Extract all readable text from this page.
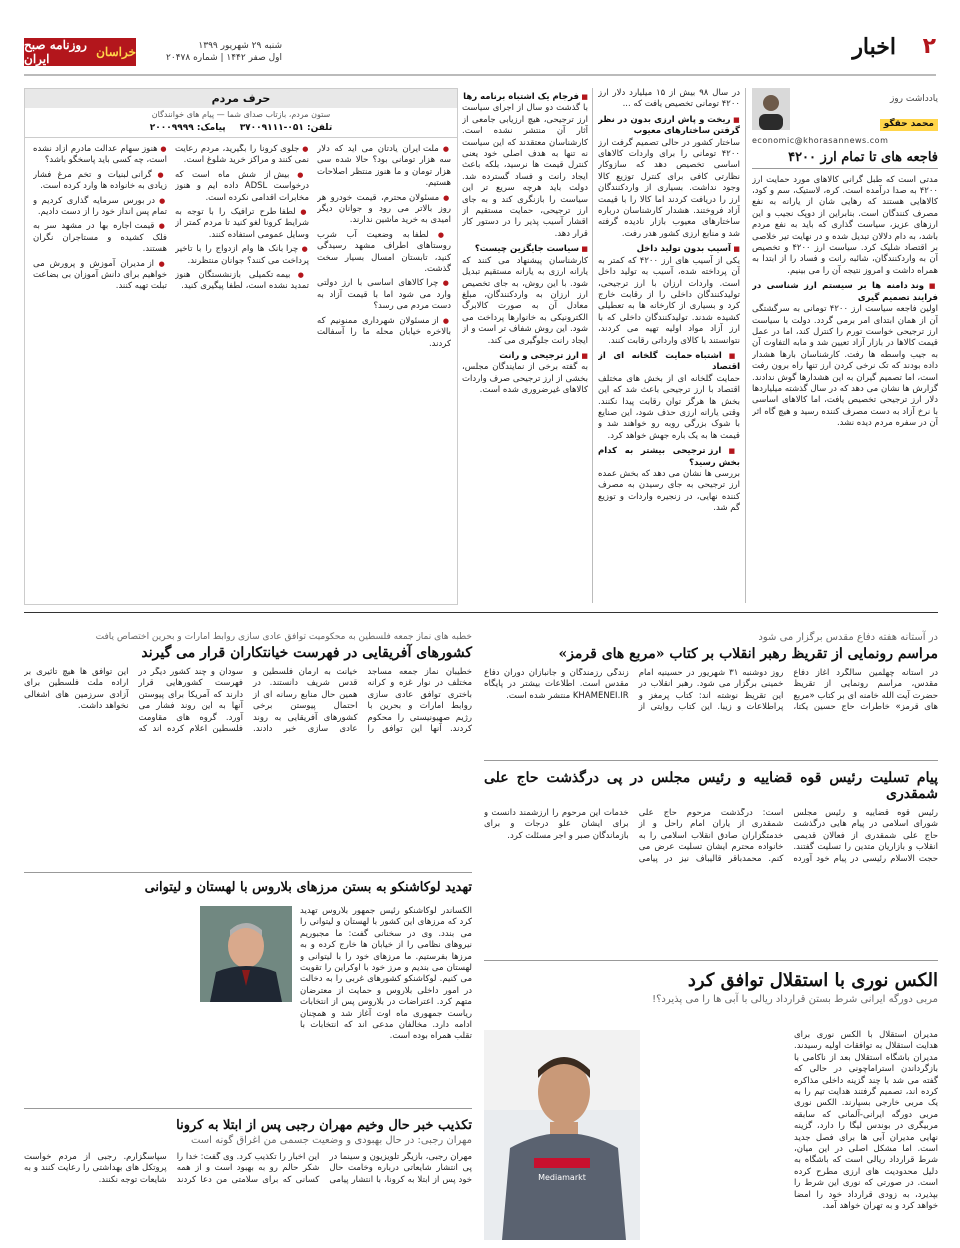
روزنامه صبح ایران	خراسان	شنبه ۲۹ شهریور ۱۳۹۹
اول صفر ۱۴۴۲ | شماره ۲۰۴۷۸	اخبار ۲
یادداشت روز
محمد حقگو
economic@khorasannews.com
فاجعه های تا تمام ارز ۴۲۰۰

مدتی است که طبل گرانی کالاهای مورد حمایت ارز ۴۲۰۰ به صدا درآمده است. کره، لاستیک، سم و کود، کالاهایی هستند که رهایی شان از یارانه به نفع مصرف کنندگان است. بنابراین از دوپک نجیب و این ارزهای عزیز، سیاست گذاری که باید به نفع مردم باشد، به دام دلالان تبدیل شده و در نهایت تیر خلاصی بر اقتصاد شلیک کرد. سیاست ارز ۴۲۰۰ و تخصیص آن به واردکنندگان، شائبه رانت و فساد را از ابتدا به همراه داشت و امروز نتیجه آن را می بینیم.

■ وند دامنه ها بر سیستم ارز شناسی در فرایند تصمیم گیری

اولین فاجعه سیاست ارز ۴۲۰۰ تومانی به سرگشتگی آن از همان ابتدای امر برمی گردد. دولت با سیاست ارز ترجیحی خواست تورم را کنترل کند، اما در عمل قیمت کالاها در بازار آزاد تعیین شد و مابه التفاوت آن به جیب واسطه ها رفت. کارشناسان بارها هشدار داده بودند که تک نرخی کردن ارز تنها راه برون رفت است، اما تصمیم گیران به این هشدارها گوش ندادند. گزارش ها نشان می دهد که در سال گذشته میلیاردها دلار ارز ترجیحی تخصیص یافت، اما کالاهای اساسی با نرخ آزاد به دست مصرف کننده رسید و هیچ گاه اثر آن در سفره مردم دیده نشد.

در سال ۹۸ بیش از ۱۵ میلیارد دلار ارز ۴۲۰۰ تومانی تخصیص یافت که ...

■ ریخت و پاش ارزی بدون در نظر گرفتن ساختارهای معیوب

ساختار کشور در حالی تصمیم گرفت ارز ۴۲۰۰ تومانی را برای واردات کالاهای اساسی تخصیص دهد که سازوکار نظارتی کافی برای کنترل توزیع کالا وجود نداشت. بسیاری از واردکنندگان ارز را دریافت کردند اما کالا را با قیمت آزاد فروختند. هشدار کارشناسان درباره ساختارهای معیوب بازار نادیده گرفته شد و منابع ارزی کشور هدر رفت.

■ آسیب بدون تولید داخل

یکی از آسیب های ارز ۴۲۰۰ که کمتر به آن پرداخته شده، آسیب به تولید داخل است. واردات ارزان با ارز ترجیحی، تولیدکنندگان داخلی را از رقابت خارج کرد و بسیاری از کارخانه ها به تعطیلی کشیده شدند. تولیدکنندگان داخلی که با ارز آزاد مواد اولیه تهیه می کردند، نتوانستند با کالای وارداتی رقابت کنند.

■ اشتباه حمایت گلخانه ای از اقتصاد

حمایت گلخانه ای از بخش های مختلف اقتصاد با ارز ترجیحی باعث شد که این بخش ها هرگز توان رقابت پیدا نکنند. وقتی یارانه ارزی حذف شود، این صنایع با شوک بزرگی روبه رو خواهند شد و قیمت ها به یک باره جهش خواهد کرد.

■ ارز ترجیحی بیشتر به کدام بخش رسید؟

بررسی ها نشان می دهد که بخش عمده ارز ترجیحی به جای رسیدن به مصرف کننده نهایی، در زنجیره واردات و توزیع گم شد.

■ فرجام یک اشتباه برنامه رها

با گذشت دو سال از اجرای سیاست ارز ترجیحی، هیچ ارزیابی جامعی از آثار آن منتشر نشده است. کارشناسان معتقدند که این سیاست نه تنها به هدف اصلی خود یعنی کنترل قیمت ها نرسید، بلکه باعث ایجاد رانت و فساد گسترده شد. دولت باید هرچه سریع تر این سیاست را بازنگری کند و به جای ارز ترجیحی، حمایت مستقیم از اقشار آسیب پذیر را در دستور کار قرار دهد.

■ سیاست جایگزین چیست؟

کارشناسان پیشنهاد می کنند که یارانه ارزی به یارانه مستقیم تبدیل شود. با این روش، به جای تخصیص ارز ارزان به واردکنندگان، مبلغ معادل آن به صورت کالابرگ الکترونیکی به خانوارها پرداخت می شود. این روش شفاف تر است و از ایجاد رانت جلوگیری می کند.

■ ارز ترجیحی و رانت

به گفته برخی از نمایندگان مجلس، بخشی از ارز ترجیحی صرف واردات کالاهای غیرضروری شده است.

حرف مردم
ستون مردم، بازتاب صدای شما — پیام های خوانندگان
تلفن: ۰۵۱-۳۷۰۰۹۱۱۱
پیامک: ۲۰۰۰۹۹۹۹
● ملت ایران یادتان می آید که دلار سه هزار تومانی بود؟ حالا شده سی هزار تومان و ما هنوز منتظر اصلاحات هستیم.
● مسئولان محترم، قیمت خودرو هر روز بالاتر می رود و جوانان دیگر امیدی به خرید ماشین ندارند.
● لطفا به وضعیت آب شرب روستاهای اطراف مشهد رسیدگی کنید، تابستان امسال بسیار سخت گذشت.
● چرا کالاهای اساسی با ارز دولتی وارد می شود اما با قیمت آزاد به دست مردم می رسد؟
● از مسئولان شهرداری ممنونیم که بالاخره خیابان محله ما را آسفالت کردند.
● جلوی کرونا را بگیرید، مردم رعایت نمی کنند و مراکز خرید شلوغ است.
● بیش از شش ماه است که درخواست ADSL داده ایم و هنوز مخابرات اقدامی نکرده است.
● لطفا طرح ترافیک را با توجه به شرایط کرونا لغو کنید تا مردم کمتر از وسایل عمومی استفاده کنند.
● چرا بانک ها وام ازدواج را با تاخیر پرداخت می کنند؟ جوانان منتظرند.
● بیمه تکمیلی بازنشستگان هنوز تمدید نشده است، لطفا پیگیری کنید.
● هنوز سهام عدالت مادرم آزاد نشده است، چه کسی باید پاسخگو باشد؟
● گرانی لبنیات و تخم مرغ فشار زیادی به خانواده ها وارد کرده است.
● در بورس سرمایه گذاری کردیم و تمام پس انداز خود را از دست دادیم.
● قیمت اجاره بها در مشهد سر به فلک کشیده و مستاجران نگران هستند.
● از مدیران آموزش و پرورش می خواهیم برای دانش آموزان بی بضاعت تبلت تهیه کنند.
در آستانه هفته دفاع مقدس برگزار می شود
مراسم رونمایی از تقریظ رهبر انقلاب بر کتاب «مربع های قرمز»
در آستانه چهلمین سالگرد آغاز دفاع مقدس، مراسم رونمایی از تقریظ حضرت آیت الله خامنه ای بر کتاب «مربع های قرمز» خاطرات حاج حسین یکتا، روز دوشنبه ۳۱ شهریور در حسینیه امام خمینی برگزار می شود. رهبر انقلاب در این تقریظ نوشته اند: کتاب پرمغز و پراطلاعات و زیبا. این کتاب روایتی از زندگی رزمندگان و جانبازان دوران دفاع مقدس است. اطلاعات بیشتر در پایگاه KHAMENEI.IR منتشر شده است.
پیام تسلیت رئیس قوه قضاییه و رئیس مجلس در پی درگذشت حاج علی شمقدری
رئیس قوه قضاییه و رئیس مجلس شورای اسلامی در پیام هایی درگذشت حاج علی شمقدری از فعالان قدیمی انقلاب و بازاریان متدین را تسلیت گفتند. حجت الاسلام رئیسی در پیام خود آورده است: درگذشت مرحوم حاج علی شمقدری از یاران امام راحل و از خدمتگزاران صادق انقلاب اسلامی را به خانواده محترم ایشان تسلیت عرض می کنم. محمدباقر قالیباف نیز در پیامی خدمات این مرحوم را ارزشمند دانست و برای ایشان علو درجات و برای بازماندگان صبر و اجر مسئلت کرد.
الکس نوری با استقلال توافق کرد
مربی دورگه ایرانی شرط بستن قرارداد ریالی با آبی ها را می پذیرد؟!
مدیران استقلال با الکس نوری برای هدایت استقلال به توافقات اولیه رسیدند. مدیران باشگاه استقلال بعد از ناکامی با بازگرداندن استراماچونی در حالی که گفته می شد با چند گزینه داخلی مذاکره کرده اند، تصمیم گرفتند هدایت تیم را به یک مربی خارجی بسپارند. الکس نوری مربی دورگه ایرانی-آلمانی که سابقه مربیگری در بوندس لیگا را دارد، گزینه نهایی مدیران آبی ها برای فصل جدید است. اما مشکل اصلی در این میان، شرط قرارداد ریالی است که باشگاه به دلیل محدودیت های ارزی مطرح کرده است. در صورتی که نوری این شرط را بپذیرد، به زودی قرارداد خود را امضا خواهد کرد و به تهران خواهد آمد.
Mediamarkt
خطبه های نماز جمعه فلسطین به محکومیت توافق عادی سازی روابط امارات و بحرین اختصاص یافت
کشورهای آفریقایی در فهرست خیانتکاران قرار می گیرند
خطیبان نماز جمعه مساجد مختلف در نوار غزه و کرانه باختری توافق عادی سازی روابط امارات و بحرین با رژیم صهیونیستی را محکوم کردند. آنها این توافق را خیانت به آرمان فلسطین و قدس شریف دانستند. در همین حال منابع رسانه ای از احتمال پیوستن برخی کشورهای آفریقایی به روند عادی سازی خبر دادند. سودان و چند کشور دیگر در فهرست کشورهایی قرار دارند که آمریکا برای پیوستن آنها به این روند فشار می آورد. گروه های مقاومت فلسطین اعلام کرده اند که این توافق ها هیچ تاثیری بر اراده ملت فلسطین برای آزادی سرزمین های اشغالی نخواهد داشت.
تهدید لوکاشنکو به بستن مرزهای بلاروس با لهستان و لیتوانی
الکساندر لوکاشنکو رئیس جمهور بلاروس تهدید کرد که مرزهای این کشور با لهستان و لیتوانی را می بندد. وی در سخنانی گفت: ما مجبوریم نیروهای نظامی را از خیابان ها خارج کرده و به مرزها بفرستیم. ما مرزهای خود را با لیتوانی و لهستان می بندیم و مرز خود با اوکراین را تقویت می کنیم. لوکاشنکو کشورهای غربی را به دخالت در امور داخلی بلاروس و حمایت از معترضان متهم کرد. اعتراضات در بلاروس پس از انتخابات ریاست جمهوری ماه اوت آغاز شد و همچنان ادامه دارد. مخالفان مدعی اند که انتخابات با تقلب همراه بوده است.
تکذیب خبر حال وخیم مهران رجبی پس از ابتلا به کرونا
مهران رجبی: در حال بهبودی و وضعیت جسمی من اغراق گونه است
مهران رجبی، بازیگر تلویزیون و سینما در پی انتشار شایعاتی درباره وخامت حال خود پس از ابتلا به کرونا، با انتشار پیامی این اخبار را تکذیب کرد. وی گفت: خدا را شکر حالم رو به بهبود است و از همه کسانی که برای سلامتی من دعا کردند سپاسگزارم. رجبی از مردم خواست پروتکل های بهداشتی را رعایت کنند و به شایعات توجه نکنند.
